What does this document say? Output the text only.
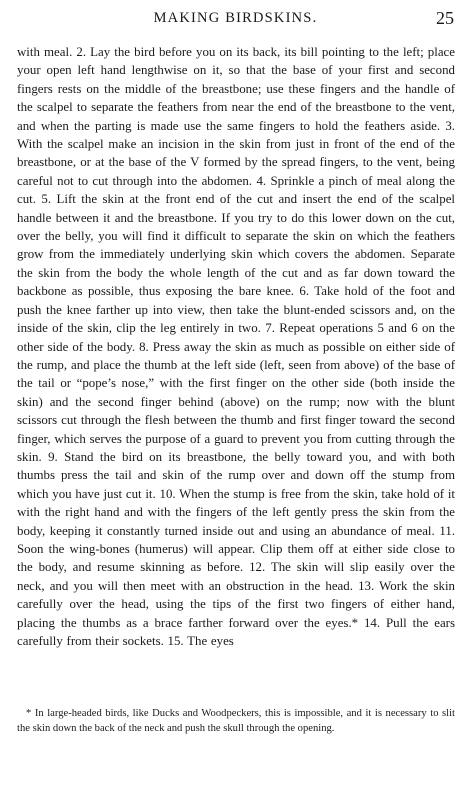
MAKING BIRDSKINS.	25

with meal. 2. Lay the bird before you on its back, its bill pointing to the left; place your open left hand lengthwise on it, so that the base of your first and second fingers rests on the middle of the breastbone; use these fingers and the handle of the scalpel to separate the feathers from near the end of the breastbone to the vent, and when the parting is made use the same fingers to hold the feathers aside. 3. With the scalpel make an incision in the skin from just in front of the end of the breastbone, or at the base of the V formed by the spread fingers, to the vent, being careful not to cut through into the abdomen. 4. Sprinkle a pinch of meal along the cut. 5. Lift the skin at the front end of the cut and insert the end of the scalpel handle between it and the breastbone. If you try to do this lower down on the cut, over the belly, you will find it difficult to separate the skin on which the feathers grow from the immediately underlying skin which covers the abdomen. Separate the skin from the body the whole length of the cut and as far down toward the backbone as possible, thus exposing the bare knee. 6. Take hold of the foot and push the knee farther up into view, then take the blunt-ended scissors and, on the inside of the skin, clip the leg entirely in two. 7. Repeat operations 5 and 6 on the other side of the body. 8. Press away the skin as much as possible on either side of the rump, and place the thumb at the left side (left, seen from above) of the base of the tail or “pope’s nose,” with the first finger on the other side (both inside the skin) and the second finger behind (above) on the rump; now with the blunt scissors cut through the flesh between the thumb and first finger toward the second finger, which serves the purpose of a guard to prevent you from cutting through the skin. 9. Stand the bird on its breastbone, the belly toward you, and with both thumbs press the tail and skin of the rump over and down off the stump from which you have just cut it. 10. When the stump is free from the skin, take hold of it with the right hand and with the fingers of the left gently press the skin from the body, keeping it constantly turned inside out and using an abundance of meal. 11. Soon the wing-bones (humerus) will appear. Clip them off at either side close to the body, and resume skinning as before. 12. The skin will slip easily over the neck, and you will then meet with an obstruction in the head. 13. Work the skin carefully over the head, using the tips of the first two fingers of either hand, placing the thumbs as a brace farther forward over the eyes.* 14. Pull the ears carefully from their sockets. 15. The eyes

* In large-headed birds, like Ducks and Woodpeckers, this is impossible, and it is necessary to slit the skin down the back of the neck and push the skull through the opening.
